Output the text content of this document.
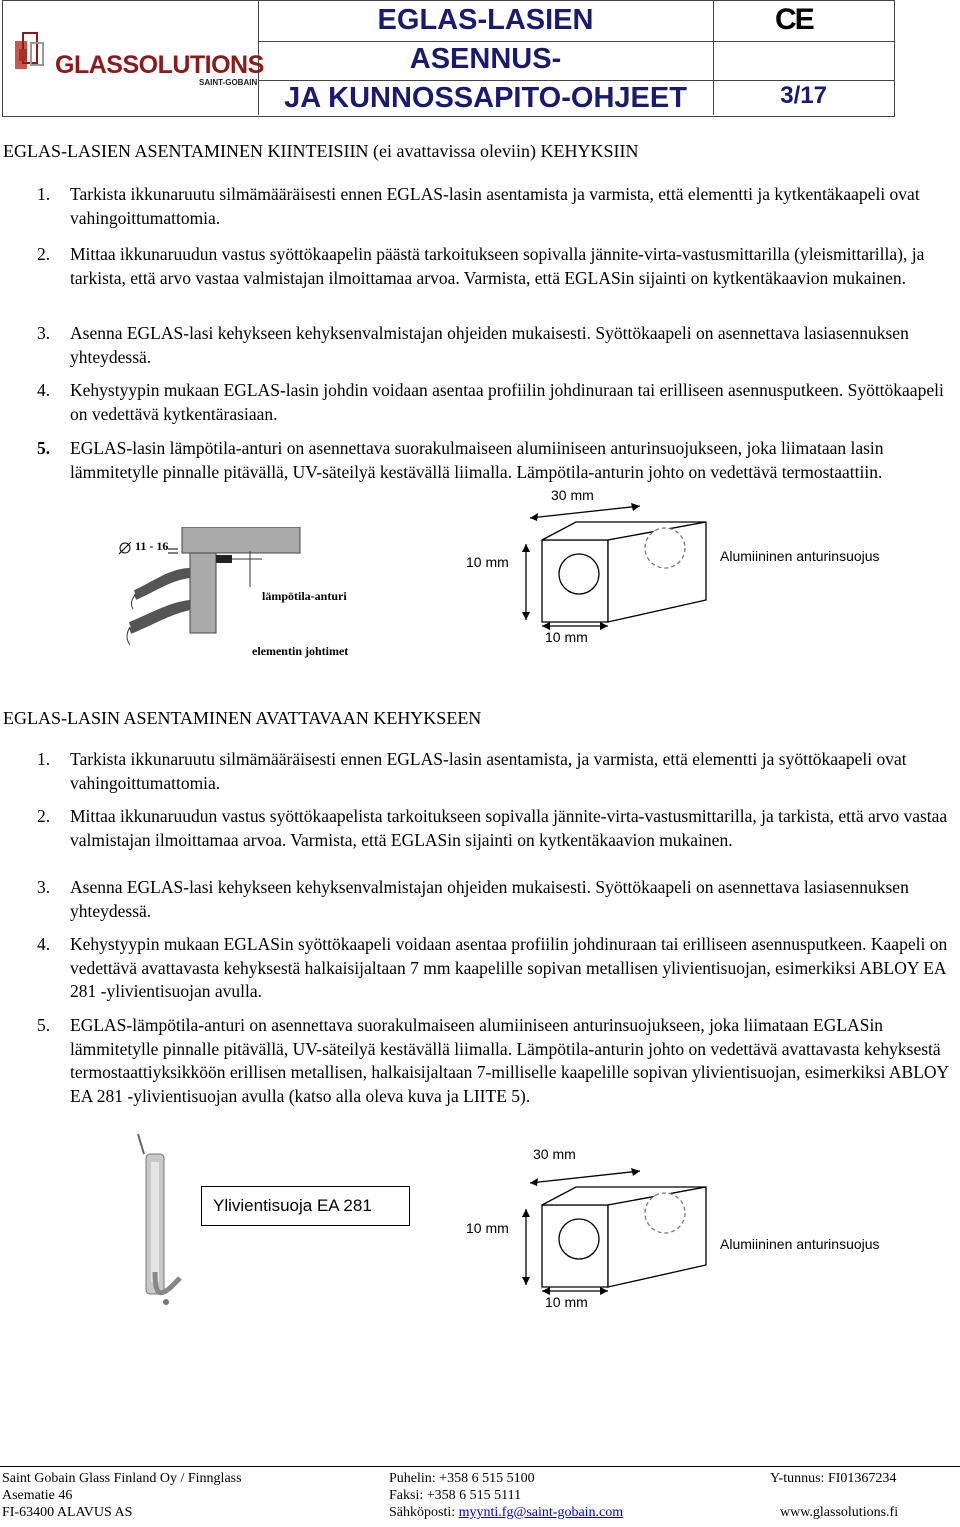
GLASSOLUTIONS
SAINT-GOBAIN
EGLAS-LASIEN
ASENNUS-
JA KUNNOSSAPITO-OHJEET
CE
3/17
EGLAS-LASIEN ASENTAMINEN KIINTEISIIN (ei avattavissa oleviin) KEHYKSIIN
1. Tarkista ikkunaruutu silmämääräisesti ennen EGLAS-lasin asentamista ja varmista, että elementti ja kytkentäkaapeli ovat vahingoittumattomia.
2. Mittaa ikkunaruudun vastus syöttökaapelin päästä tarkoitukseen sopivalla jännite-virta-vastusmittarilla (yleismittarilla), ja tarkista, että arvo vastaa valmistajan ilmoittamaa arvoa. Varmista, että EGLASin sijainti on kytkentäkaavion mukainen.
3. Asenna EGLAS-lasi kehykseen kehyksenvalmistajan ohjeiden mukaisesti. Syöttökaapeli on asennettava lasiasennuksen yhteydessä.
4. Kehystyypin mukaan EGLAS-lasin johdin voidaan asentaa profiilin johdinuraan tai erilliseen asennusputkeen. Syöttökaapeli on vedettävä kytkentärasiaan.
5. EGLAS-lasin lämpötila-anturi on asennettava suorakulmaiseen alumiiniseen anturinsuojukseen, joka liimataan lasin lämmitetylle pinnalle pitävällä, UV-säteilyä kestävällä liimalla. Lämpötila-anturin johto on vedettävä termostaattiin.
11 - 16
lämpötila-anturi
elementin johtimet
30 mm
10 mm
10 mm
Alumiininen anturinsuojus
EGLAS-LASIN ASENTAMINEN AVATTAVAAN KEHYKSEEN
1. Tarkista ikkunaruutu silmämääräisesti ennen EGLAS-lasin asentamista, ja varmista, että elementti ja syöttökaapeli ovat vahingoittumattomia.
2. Mittaa ikkunaruudun vastus syöttökaapelista tarkoitukseen sopivalla jännite-virta-vastusmittarilla, ja tarkista, että arvo vastaa valmistajan ilmoittamaa arvoa. Varmista, että EGLASin sijainti on kytkentäkaavion mukainen.
3. Asenna EGLAS-lasi kehykseen kehyksenvalmistajan ohjeiden mukaisesti. Syöttökaapeli on asennettava lasiasennuksen yhteydessä.
4. Kehystyypin mukaan EGLASin syöttökaapeli voidaan asentaa profiilin johdinuraan tai erilliseen asennusputkeen. Kaapeli on vedettävä avattavasta kehyksestä halkaisijaltaan 7 mm kaapelille sopivan metallisen ylivientisuojan, esimerkiksi ABLOY EA 281 -ylivientisuojan avulla.
5. EGLAS-lämpötila-anturi on asennettava suorakulmaiseen alumiiniseen anturinsuojukseen, joka liimataan EGLASin lämmitetylle pinnalle pitävällä, UV-säteilyä kestävällä liimalla. Lämpötila-anturin johto on vedettävä avattavasta kehyksestä termostaattiyksikköön erillisen metallisen, halkaisijaltaan 7-milliselle kaapelille sopivan ylivientisuojan, esimerkiksi ABLOY EA 281 -ylivientisuojan avulla (katso alla oleva kuva ja LIITE 5).
Ylivientisuoja EA 281
30 mm
10 mm
10 mm
Alumiininen anturinsuojus
Saint Gobain Glass Finland Oy / Finnglass
Asematie 46
FI-63400 ALAVUS AS
Puhelin: +358 6 515 5100
Faksi: +358 6 515 5111
Sähköposti: myynti.fg@saint-gobain.com
Y-tunnus: FI01367234
www.glassolutions.fi
